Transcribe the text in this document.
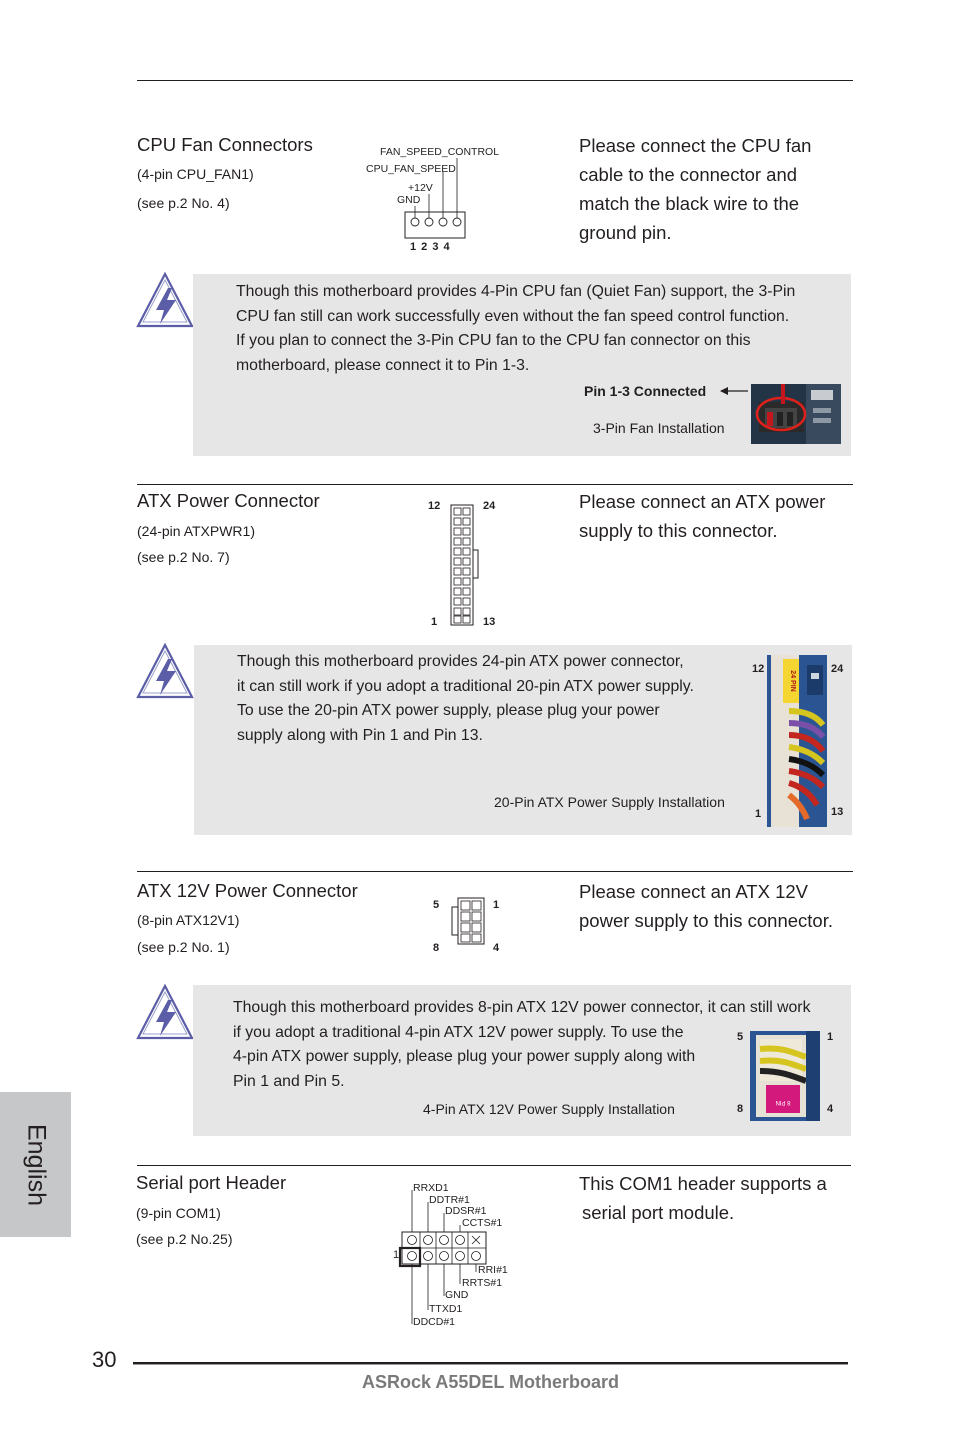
CPU Fan Connectors
(4-pin CPU_FAN1)
(see p.2 No. 4)
FAN_SPEED_CONTROL
CPU_FAN_SPEED
+12V
GND
1 2 3 4
Please connect the CPU fan
cable to the connector and
match the black wire to the
ground pin.
Though this motherboard provides 4-Pin CPU fan (Quiet Fan) support, the 3-Pin
CPU fan still can work successfully even without the fan speed control function.
If you plan to connect the 3-Pin CPU fan to the CPU fan connector on this
motherboard, please connect it to Pin 1-3.
Pin 1-3 Connected
3-Pin Fan Installation
ATX Power Connector
(24-pin ATXPWR1)
(see p.2 No. 7)
12	24
1	13
Please connect an ATX power
supply to this connector.
Though this motherboard provides 24-pin ATX power connector,
it can still work if you adopt a traditional 20-pin ATX power supply.
To use the 20-pin ATX power supply, please plug your power
supply along with Pin 1 and Pin 13.
20-Pin ATX Power Supply Installation
12	24
1	13
24 PIN
ATX 12V Power Connector
(8-pin ATX12V1)
(see p.2 No. 1)
5	1
8	4
Please connect an ATX 12V
power supply to this connector.
Though this motherboard provides 8-pin ATX 12V power connector, it can still work
if you adopt a traditional 4-pin ATX 12V power supply. To use the
4-pin ATX power supply, please plug your power supply along with
Pin 1 and Pin 5.
4-Pin ATX 12V Power Supply Installation
5	1
8	4
8 PIN
Serial port Header
(9-pin COM1)
(see p.2 No.25)
This COM1 header supports a
serial port module.
RRXD1
DDTR#1
DDSR#1
CCTS#1
RRI#1
RRTS#1
GND
TTXD1
DDCD#1
1
English
30
ASRock A55DEL Motherboard
